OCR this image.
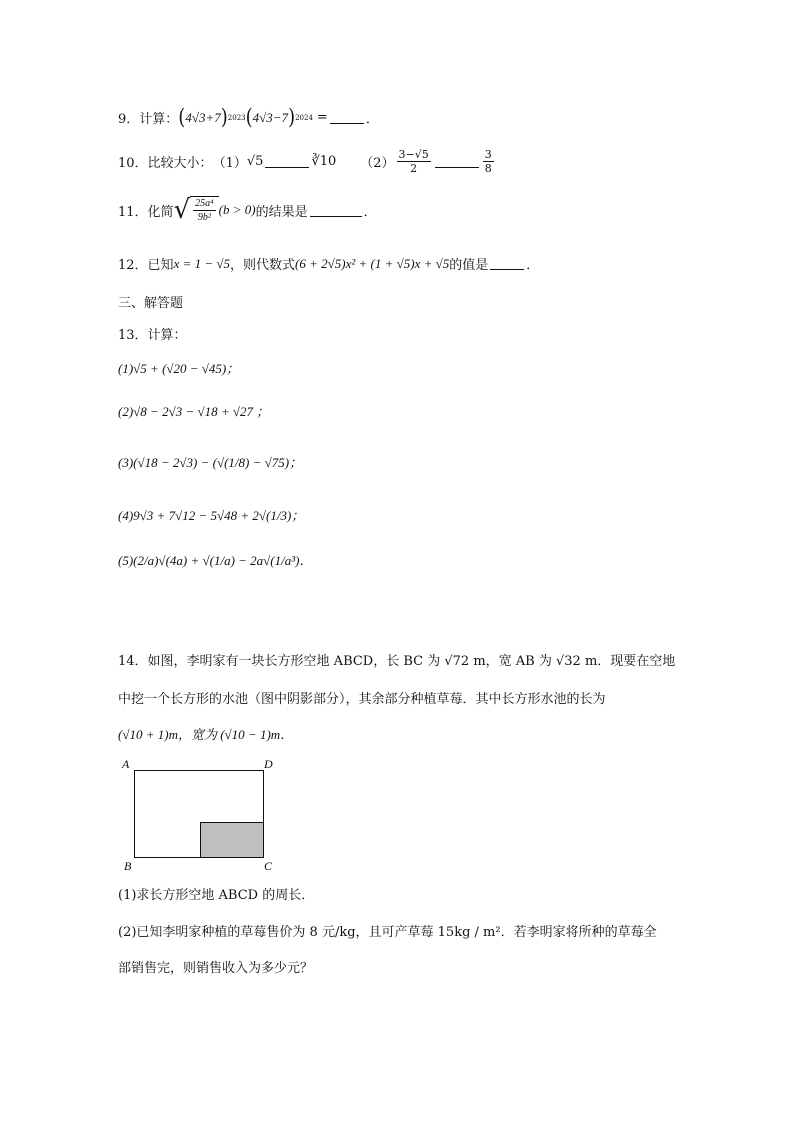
9． 计算： ( 4√3+7 ) 2023 ( 4√3−7 ) 2024 =	．
10． 比较大小： （1） √5	∛10 $(2) \frac{3-√5}{2}$	$\frac{3}{8}$
11． 化简 √ $\frac{\text{25a⁴}}{\text{9b²}} (b > 0)$ 的结果是	．
12． 已知 x = 1 − √5 ，则代数式 (6 + 2√5)x² + (1 + √5)x + √5 的值是	．
三、解答题
13．计算：
(1)√5 + (√20 − √45)；
(2)√8 − 2√3 − √18 + √27 ；
(3)(√18 − 2√3) − (√(1/8) − √75)；
(4)9√3 + 7√12 − 5√48 + 2√(1/3)；
(5)(2/a)√(4a) + √(1/a) − 2a√(1/a³)．
14．如图，李明家有一块长方形空地 ABCD，长 BC 为 √72 m，宽 AB 为 √32 m．现要在空地
中挖一个长方形的水池（图中阴影部分），其余部分种植草莓．其中长方形水池的长为
(√10 + 1)m，宽为 (√10 − 1)m．
A	D
B	C
(1)求长方形空地 ABCD 的周长．
(2)已知李明家种植的草莓售价为 8 元/kg，且可产草莓 15kg / m²．若李明家将所种的草莓全
部销售完，则销售收入为多少元？
